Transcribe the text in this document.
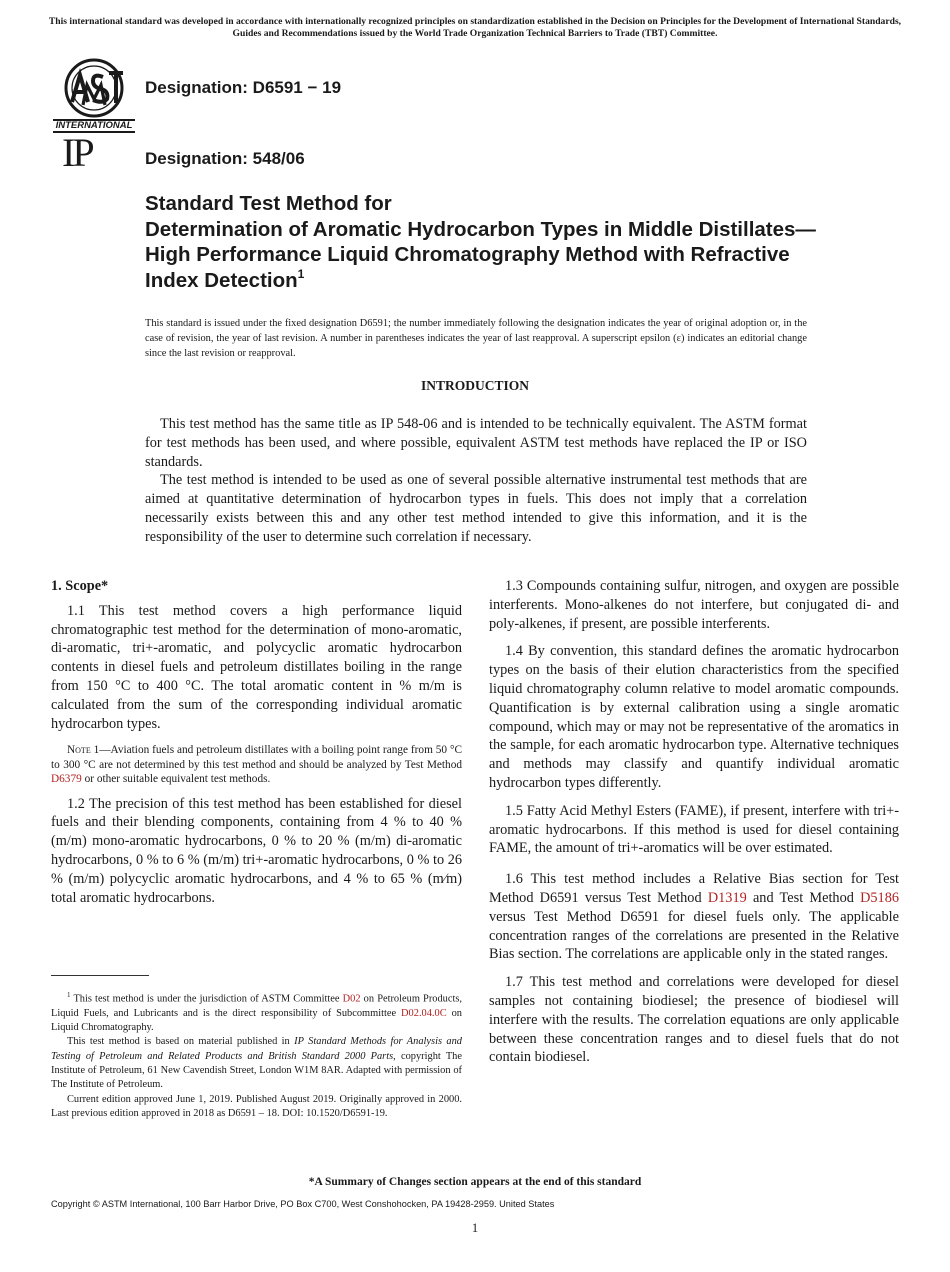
This international standard was developed in accordance with internationally recognized principles on standardization established in the Decision on Principles for the Development of International Standards, Guides and Recommendations issued by the World Trade Organization Technical Barriers to Trade (TBT) Committee.
INTERNATIONAL
Designation: D6591 − 19
IP	Designation: 548/06
Standard Test Method for
Determination of Aromatic Hydrocarbon Types in Middle Distillates—High Performance Liquid Chromatography Method with Refractive Index Detection$^1$
This standard is issued under the fixed designation D6591; the number immediately following the designation indicates the year of original adoption or, in the case of revision, the year of last revision. A number in parentheses indicates the year of last reapproval. A superscript epsilon (ε) indicates an editorial change since the last revision or reapproval.
INTRODUCTION

This test method has the same title as IP 548-06 and is intended to be technically equivalent. The ASTM format for test methods has been used, and where possible, equivalent ASTM test methods have replaced the IP or ISO standards.

The test method is intended to be used as one of several possible alternative instrumental test methods that are aimed at quantitative determination of hydrocarbon types in fuels. This does not imply that a correlation necessarily exists between this and any other test method intended to give this information, and it is the responsibility of the user to determine such correlation if necessary.

1. Scope*

1.1 This test method covers a high performance liquid chromatographic test method for the determination of mono-aromatic, di-aromatic, tri+-aromatic, and polycyclic aromatic hydrocarbon contents in diesel fuels and petroleum distillates boiling in the range from 150 °C to 400 °C. The total aromatic content in % m/m is calculated from the sum of the corresponding individual aromatic hydrocarbon types.

Note 1—Aviation fuels and petroleum distillates with a boiling point range from 50 °C to 300 °C are not determined by this test method and should be analyzed by Test Method D6379 or other suitable equivalent test methods.

1.2 The precision of this test method has been established for diesel fuels and their blending components, containing from 4 % to 40 % (m/m) mono-aromatic hydrocarbons, 0 % to 20 % (m/m) di-aromatic hydrocarbons, 0 % to 6 % (m/m) tri+-aromatic hydrocarbons, 0 % to 26 % (m/m) polycyclic aromatic hydrocarbons, and 4 % to 65 % (m⁄m) total aromatic hydrocarbons.

$^1$ This test method is under the jurisdiction of ASTM Committee D02 on Petroleum Products, Liquid Fuels, and Lubricants and is the direct responsibility of Subcommittee D02.04.0C on Liquid Chromatography.

This test method is based on material published in IP Standard Methods for Analysis and Testing of Petroleum and Related Products and British Standard 2000 Parts, copyright The Institute of Petroleum, 61 New Cavendish Street, London W1M 8AR. Adapted with permission of The Institute of Petroleum.

Current edition approved June 1, 2019. Published August 2019. Originally approved in 2000. Last previous edition approved in 2018 as D6591 – 18. DOI: 10.1520/D6591-19.

1.3 Compounds containing sulfur, nitrogen, and oxygen are possible interferents. Mono-alkenes do not interfere, but conjugated di- and poly-alkenes, if present, are possible interferents.

1.4 By convention, this standard defines the aromatic hydrocarbon types on the basis of their elution characteristics from the specified liquid chromatography column relative to model aromatic compounds. Quantification is by external calibration using a single aromatic compound, which may or may not be representative of the aromatics in the sample, for each aromatic hydrocarbon type. Alternative techniques and methods may classify and quantify individual aromatic hydrocarbon types differently.

1.5 Fatty Acid Methyl Esters (FAME), if present, interfere with tri+-aromatic hydrocarbons. If this method is used for diesel containing FAME, the amount of tri+-aromatics will be over estimated.

1.6 This test method includes a Relative Bias section for Test Method D6591 versus Test Method D1319 and Test Method D5186 versus Test Method D6591 for diesel fuels only. The applicable concentration ranges of the correlations are presented in the Relative Bias section. The correlations are applicable only in the stated ranges.

1.7 This test method and correlations were developed for diesel samples not containing biodiesel; the presence of biodiesel will interfere with the results. The correlation equations are only applicable between these concentration ranges and to diesel fuels that do not contain biodiesel.

*A Summary of Changes section appears at the end of this standard
Copyright © ASTM International, 100 Barr Harbor Drive, PO Box C700, West Conshohocken, PA 19428-2959. United States
1
